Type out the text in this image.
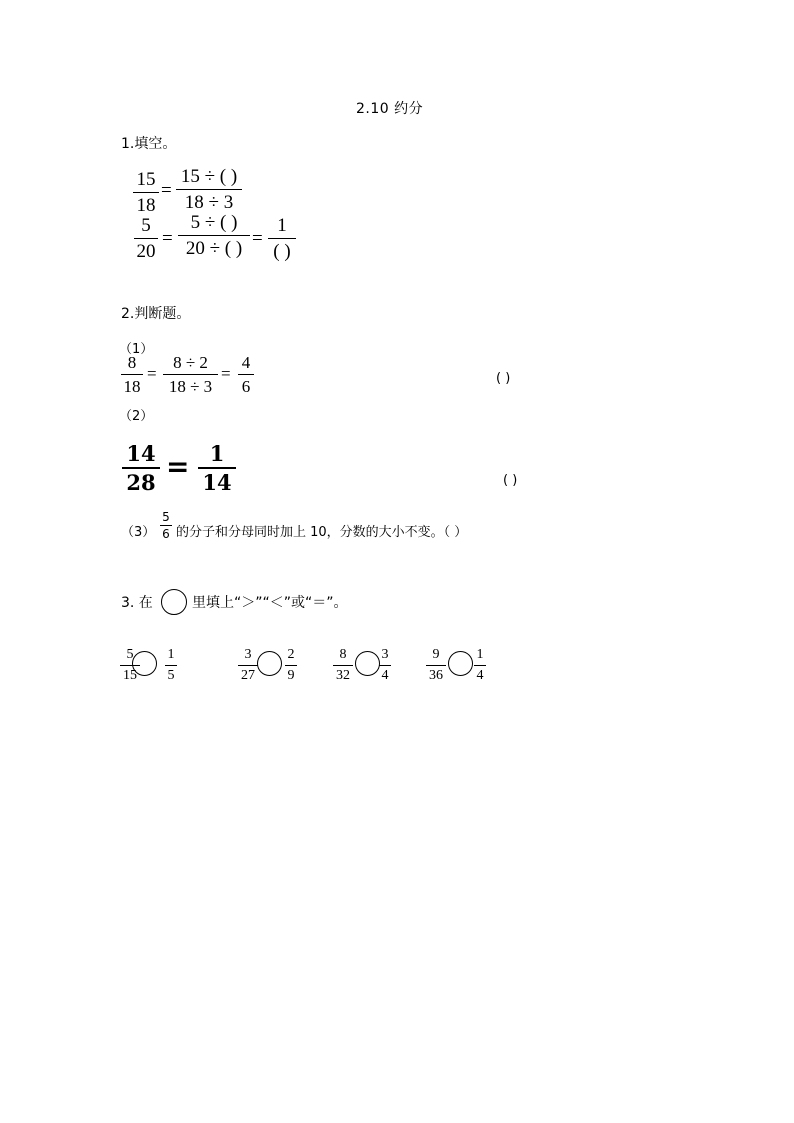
2.10 约分
1.填空。
15
18
=
15 ÷ ( )
18 ÷ 3
5
20
=
5 ÷ ( )
20 ÷ ( ) =
1
( )
2.判断题。
（1）
8
18
=
8 ÷ 2
18 ÷ 3
=
4
6	( )
（2）
14
28 = 1
14	( )
（3）
5
6 的分子和分母同时加上 10，分数的大小不变。（ ）
3. 在	里填上“＞”“＜”或“＝”。
5
15
1
5
3
27
2
9
8
32
3
4
9
36
1
4
